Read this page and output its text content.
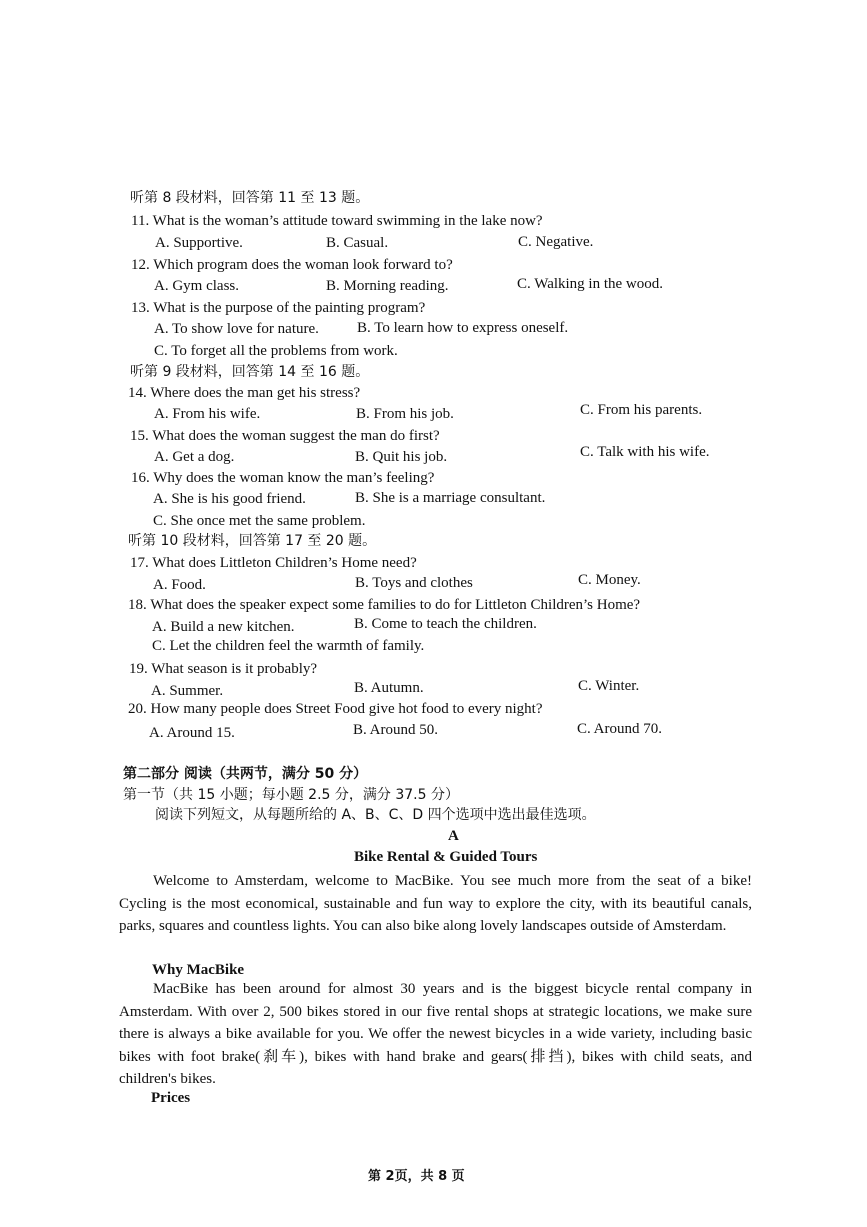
听第 8 段材料，回答第 11 至 13 题。
11. What is the woman’s attitude toward swimming in the lake now?
A. Supportive.	B. Casual.	C. Negative.
12. Which program does the woman look forward to?
A. Gym class.	B. Morning reading.	C. Walking in the wood.
13. What is the purpose of the painting program?
A. To show love for nature.	B. To learn how to express oneself.
C. To forget all the problems from work.
听第 9 段材料，回答第 14 至 16 题。
14. Where does the man get his stress?
A. From his wife.	B. From his job.	C. From his parents.
15. What does the woman suggest the man do first?
A. Get a dog.	B. Quit his job.	C. Talk with his wife.
16. Why does the woman know the man’s feeling?
A. She is his good friend.	B. She is a marriage consultant.
C. She once met the same problem.
听第 10 段材料，回答第 17 至 20 题。
17. What does Littleton Children’s Home need?
A. Food.	B. Toys and clothes	C. Money.
18. What does the speaker expect some families to do for Littleton Children’s Home?
A. Build a new kitchen.	B. Come to teach the children.
C. Let the children feel the warmth of family.
19. What season is it probably?
A. Summer.	B. Autumn.	C. Winter.
20. How many people does Street Food give hot food to every night?
A. Around 15.	B. Around 50.	C. Around 70.
第二部分 阅读（共两节，满分 50 分）
第一节（共 15 小题；每小题 2.5 分，满分 37.5 分）
阅读下列短文，从每题所给的 A、B、C、D 四个选项中选出最佳选项。
A
Bike Rental & Guided Tours
Welcome to Amsterdam, welcome to MacBike. You see much more from the seat of a bike! Cycling is the most economical, sustainable and fun way to explore the city, with its beautiful canals, parks, squares and countless lights. You can also bike along lovely landscapes outside of Amsterdam.
Why MacBike
MacBike has been around for almost 30 years and is the biggest bicycle rental company in Amsterdam. With over 2, 500 bikes stored in our five rental shops at strategic locations, we make sure there is always a bike available for you. We offer the newest bicycles in a wide variety, including basic bikes with foot brake(刹车), bikes with hand brake and gears(排挡), bikes with child seats, and children's bikes.
Prices
第 2页，共 8 页
